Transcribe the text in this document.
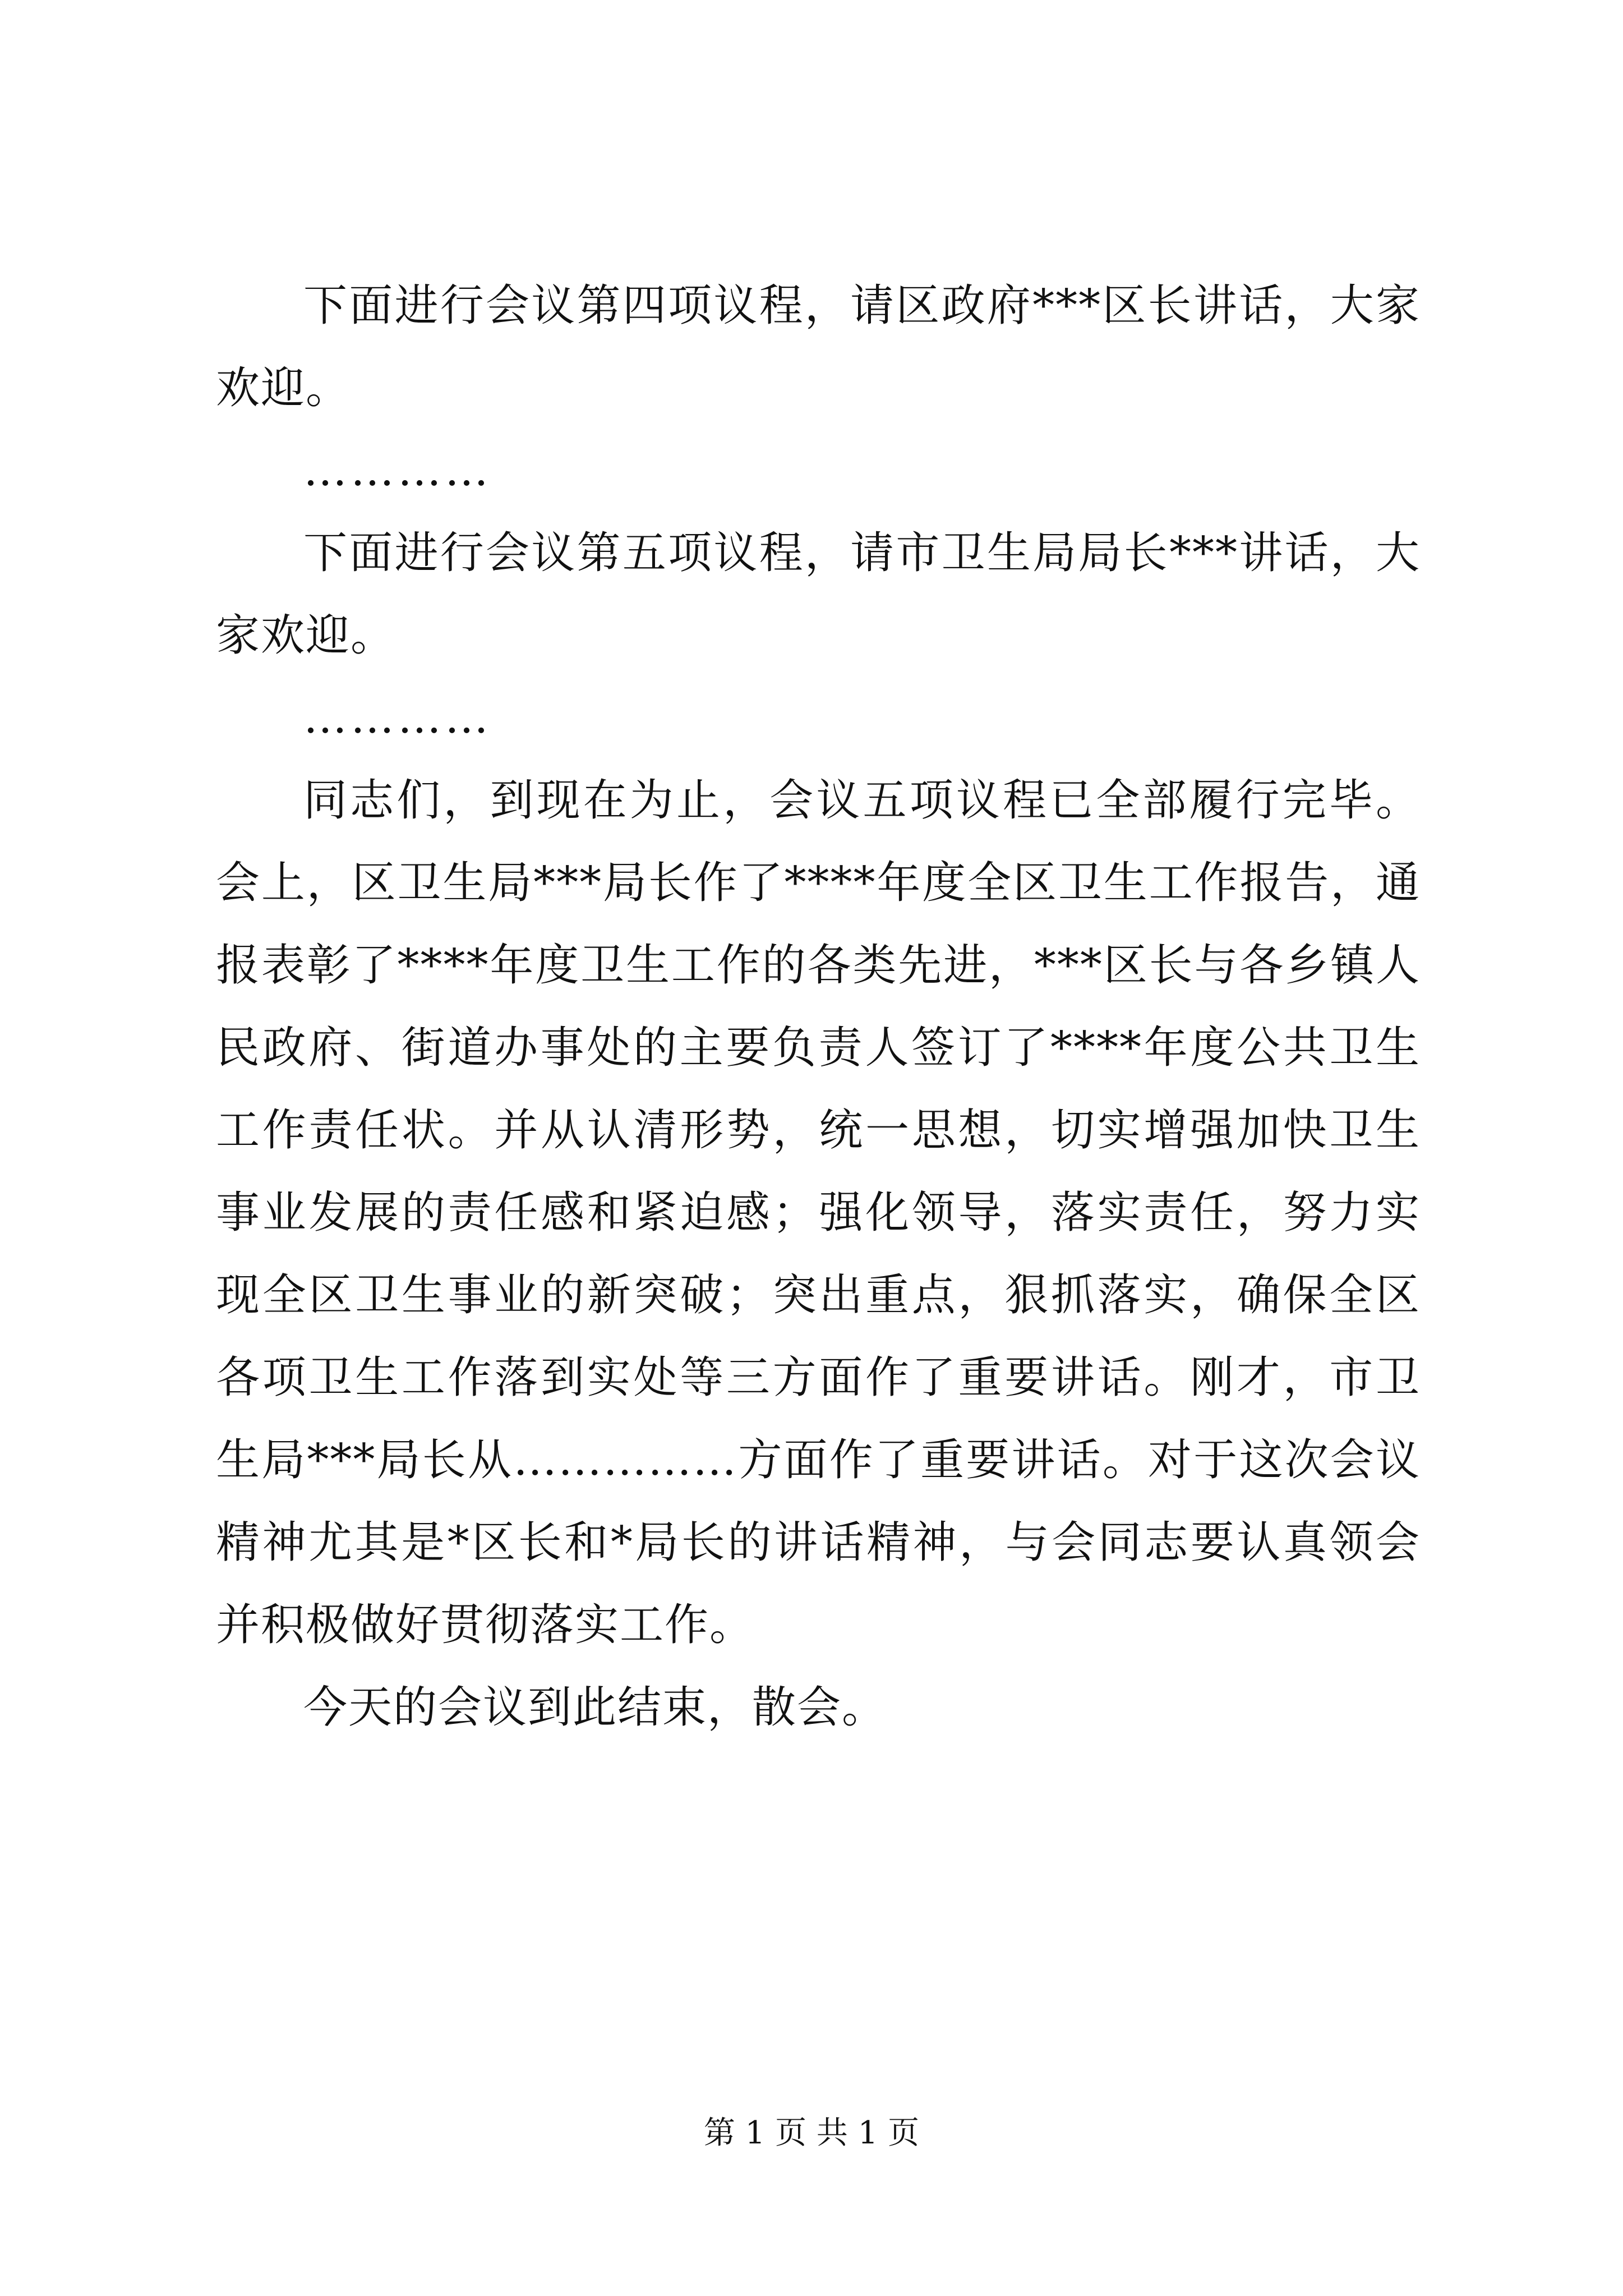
下面进行会议第四项议程，请区政府***区长讲话，大家欢迎。

…………

下面进行会议第五项议程，请市卫生局局长***讲话，大家欢迎。

…………

同志们，到现在为止，会议五项议程已全部履行完毕。会上，区卫生局***局长作了****年度全区卫生工作报告，通报表彰了****年度卫生工作的各类先进，***区长与各乡镇人民政府、街道办事处的主要负责人签订了****年度公共卫生工作责任状。并从认清形势，统一思想，切实增强加快卫生事业发展的责任感和紧迫感；强化领导，落实责任，努力实现全区卫生事业的新突破；突出重点，狠抓落实，确保全区各项卫生工作落到实处等三方面作了重要讲话。刚才，市卫生局***局长从……………方面作了重要讲话。对于这次会议精神尤其是*区长和*局长的讲话精神，与会同志要认真领会并积极做好贯彻落实工作。

今天的会议到此结束，散会。

第 1 页 共 1 页
